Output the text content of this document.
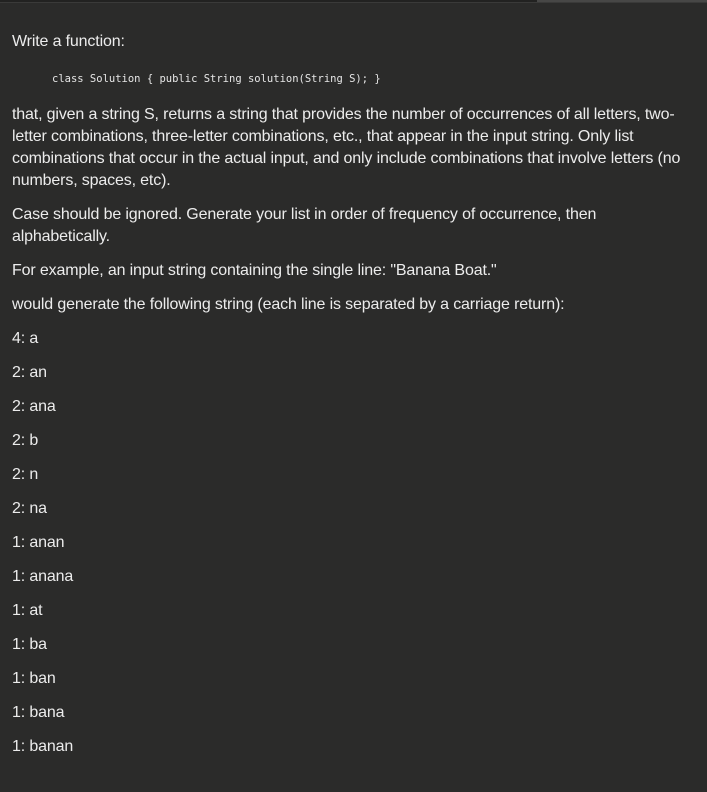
Write a function:

class Solution { public String solution(String S); }

that, given a string S, returns a string that provides the number of occurrences of all letters, two-letter combinations, three-letter combinations, etc., that appear in the input string. Only list combinations that occur in the actual input, and only include combinations that involve letters (no numbers, spaces, etc).

Case should be ignored. Generate your list in order of frequency of occurrence, then alphabetically.

For example, an input string containing the single line: "Banana Boat."

would generate the following string (each line is separated by a carriage return):

4: a
2: an
2: ana
2: b
2: n
2: na
1: anan
1: anana
1: at
1: ba
1: ban
1: bana
1: banan
